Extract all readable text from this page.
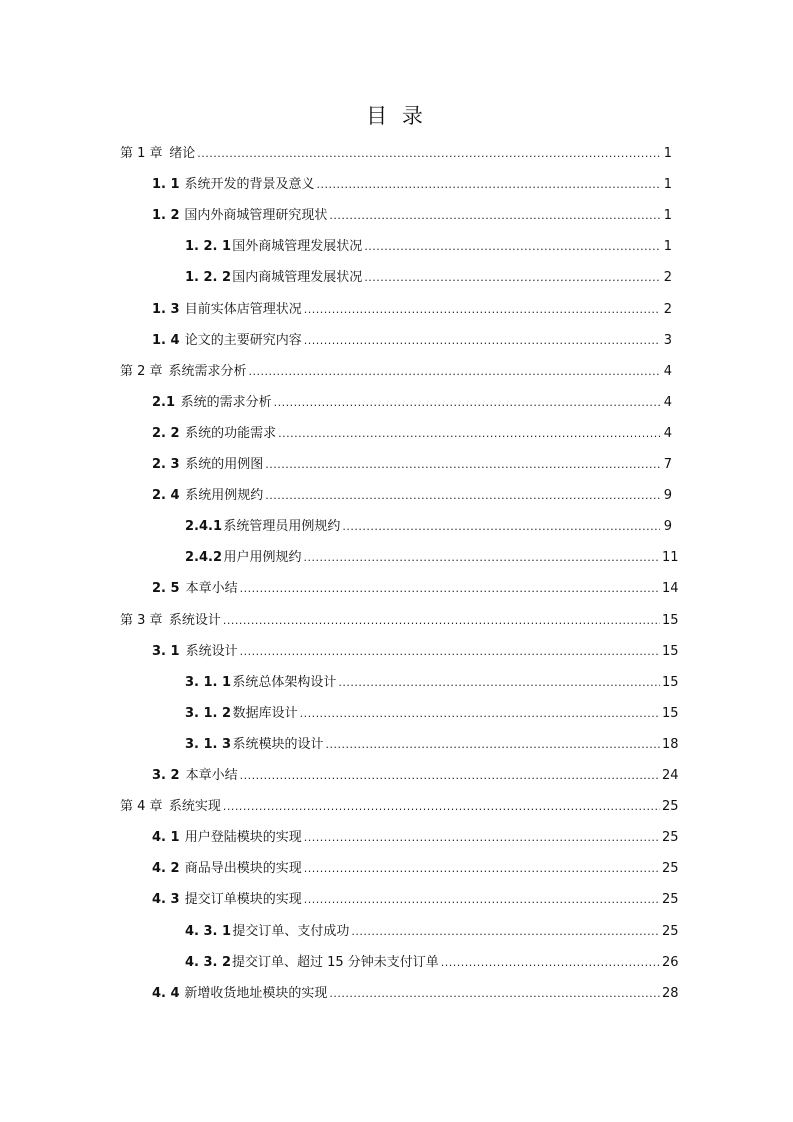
目 录
第 1 章 绪论 .....	1
1. 1 系统开发的背景及意义 .....	1
1. 2 国内外商城管理研究现状 .....	1
1. 2. 1 国外商城管理发展状况 .....	1
1. 2. 2 国内商城管理发展状况 .....	2
1. 3 目前实体店管理状况 .....	2
1. 4 论文的主要研究内容 .....	3
第 2 章 系统需求分析 .....	4
2.1 系统的需求分析 .....	4
2. 2 系统的功能需求 .....	4
2. 3 系统的用例图 .....	7
2. 4 系统用例规约 .....	9
2.4.1 系统管理员用例规约 .....	9
2.4.2 用户用例规约 .....	11
2. 5 本章小结 .....	14
第 3 章 系统设计 .....	15
3. 1 系统设计 .....	15
3. 1. 1 系统总体架构设计 .....	15
3. 1. 2 数据库设计 .....	15
3. 1. 3 系统模块的设计 .....	18
3. 2 本章小结 .....	24
第 4 章 系统实现 .....	25
4. 1 用户登陆模块的实现 .....	25
4. 2 商品导出模块的实现 .....	25
4. 3 提交订单模块的实现 .....	25
4. 3. 1 提交订单、支付成功 .....	25
4. 3. 2 提交订单、超过 15 分钟未支付订单 .....	26
4. 4 新增收货地址模块的实现 .....	28
